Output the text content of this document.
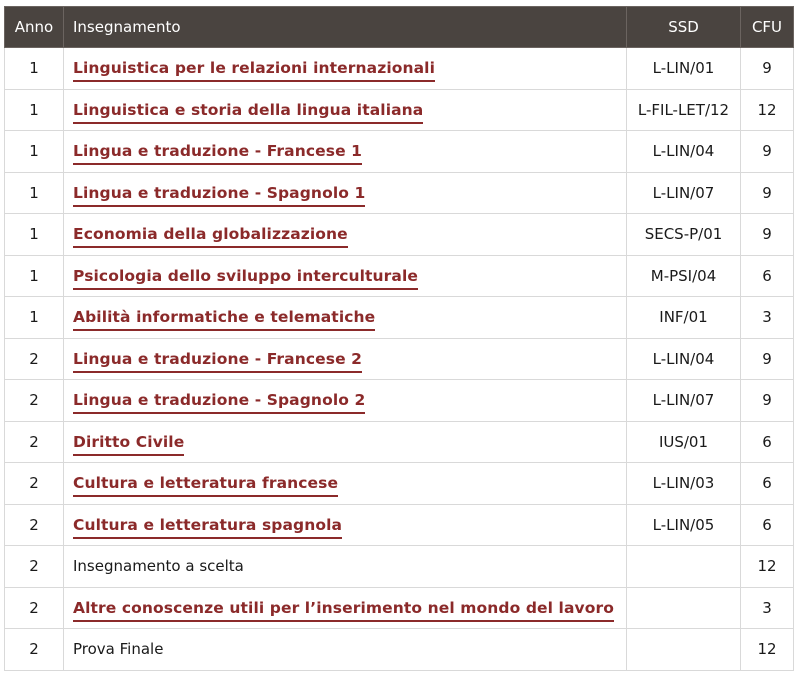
Anno	Insegnamento	SSD	CFU
1	Linguistica per le relazioni internazionali	L-LIN/01	9
1	Linguistica e storia della lingua italiana	L-FIL-LET/12	12
1	Lingua e traduzione - Francese 1	L-LIN/04	9
1	Lingua e traduzione - Spagnolo 1	L-LIN/07	9
1	Economia della globalizzazione	SECS-P/01	9
1	Psicologia dello sviluppo interculturale	M-PSI/04	6
1	Abilità informatiche e telematiche	INF/01	3
2	Lingua e traduzione - Francese 2	L-LIN/04	9
2	Lingua e traduzione - Spagnolo 2	L-LIN/07	9
2	Diritto Civile	IUS/01	6
2	Cultura e letteratura francese	L-LIN/03	6
2	Cultura e letteratura spagnola	L-LIN/05	6
2	Insegnamento a scelta		12
2	Altre conoscenze utili per l’inserimento nel mondo del lavoro		3
2	Prova Finale		12
